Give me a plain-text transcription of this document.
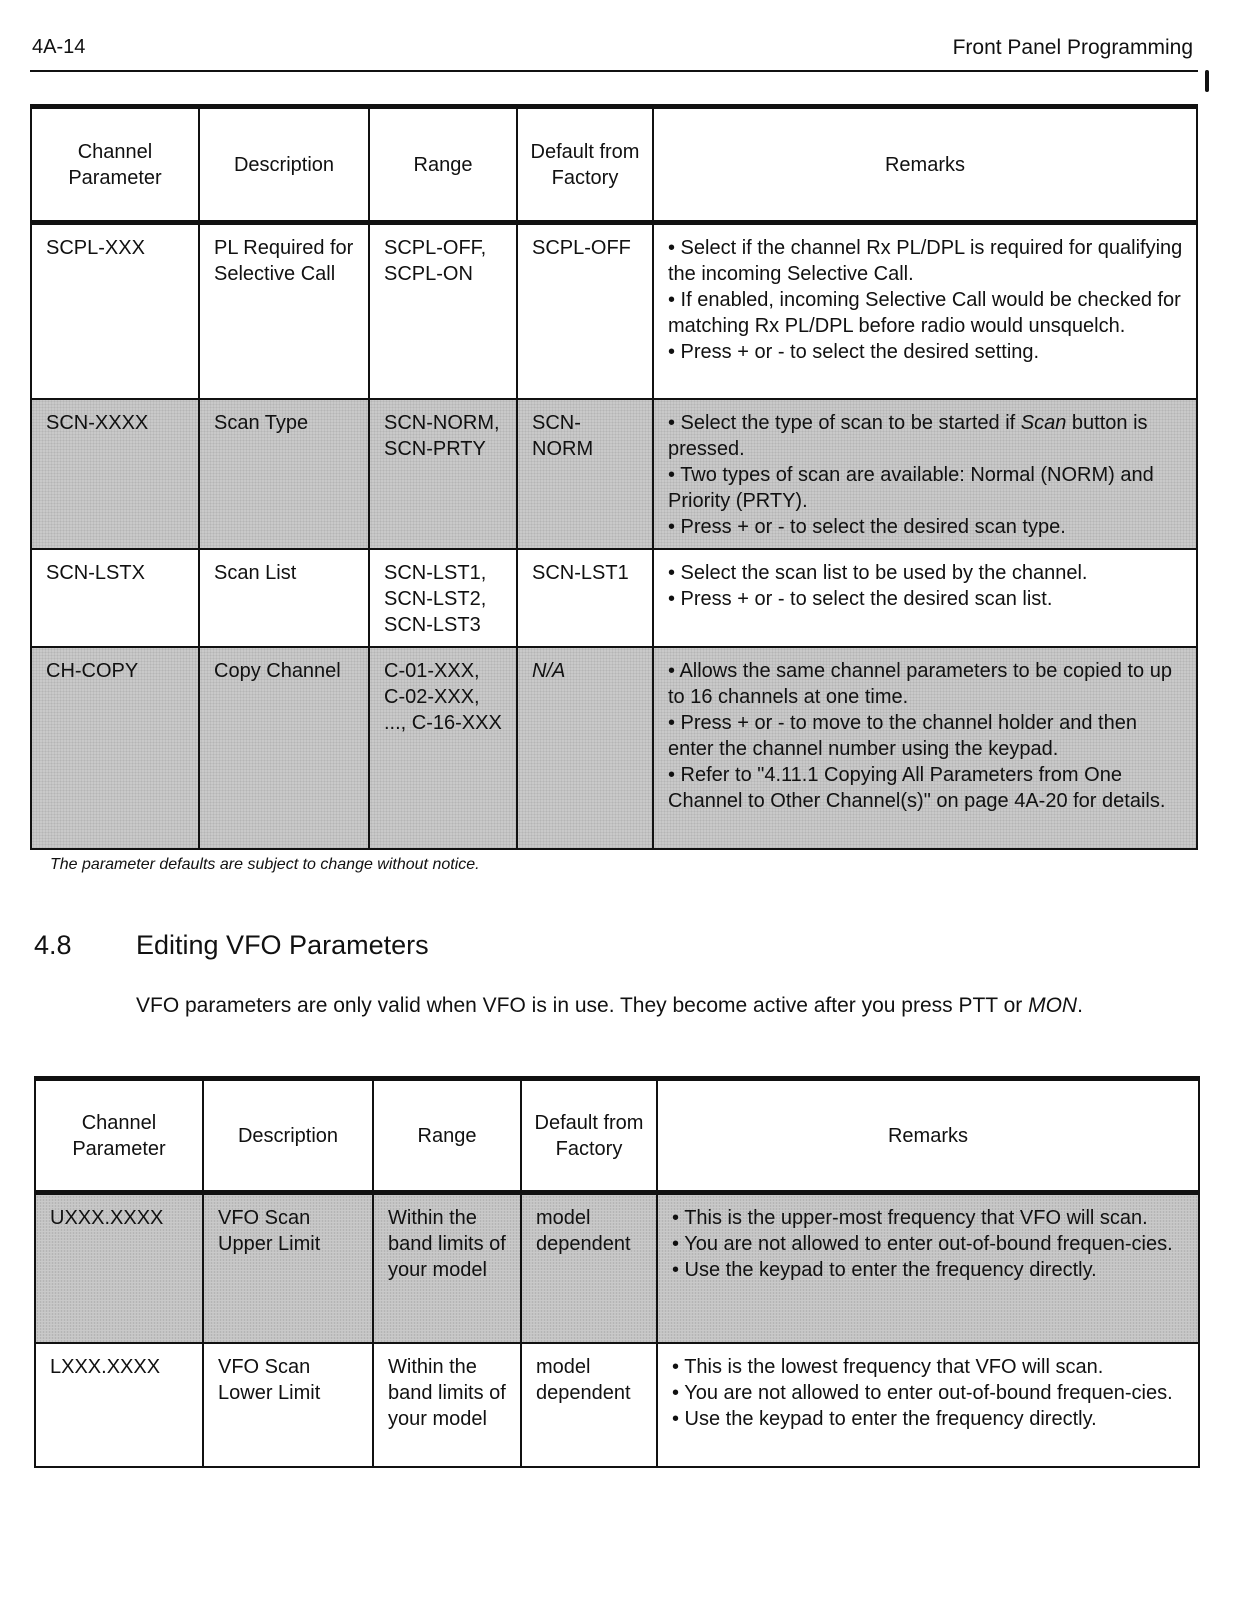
4A-14	Front Panel Programming
Channel Parameter	Description	Range	Default from Factory	Remarks
SCPL-XXX	PL Required for Selective Call	SCPL-OFF, SCPL-ON	SCPL-OFF	• Select if the channel Rx PL/DPL is required for qualifying the incoming Selective Call.
• If enabled, incoming Selective Call would be checked for matching Rx PL/DPL before radio would unsquelch.
• Press + or - to select the desired setting.

SCN-XXXX	Scan Type	SCN-NORM, SCN-PRTY	SCN-NORM	• Select the type of scan to be started if Scan button is pressed.
• Two types of scan are available: Normal (NORM) and Priority (PRTY).
• Press + or - to select the desired scan type.

SCN-LSTX	Scan List	SCN-LST1, SCN-LST2, SCN-LST3	SCN-LST1	• Select the scan list to be used by the channel.
• Press + or - to select the desired scan list.

CH-COPY	Copy Channel	C-01-XXX, C-02-XXX, ..., C-16-XXX	N/A	• Allows the same channel parameters to be copied to up to 16 channels at one time.
• Press + or - to move to the channel holder and then enter the channel number using the keypad.
• Refer to "4.11.1 Copying All Parameters from One Channel to Other Channel(s)" on page 4A-20 for details.
The parameter defaults are subject to change without notice.
4.8 Editing VFO Parameters
VFO parameters are only valid when VFO is in use. They become active after you press PTT or MON.
Channel Parameter	Description	Range	Default from Factory	Remarks
UXXX.XXXX	VFO Scan Upper Limit	Within the band limits of your model	model dependent	• This is the upper-most frequency that VFO will scan.
• You are not allowed to enter out-of-bound frequen-cies.
• Use the keypad to enter the frequency directly.

LXXX.XXXX	VFO Scan Lower Limit	Within the band limits of your model	model dependent	• This is the lowest frequency that VFO will scan.
• You are not allowed to enter out-of-bound frequen-cies.
• Use the keypad to enter the frequency directly.
